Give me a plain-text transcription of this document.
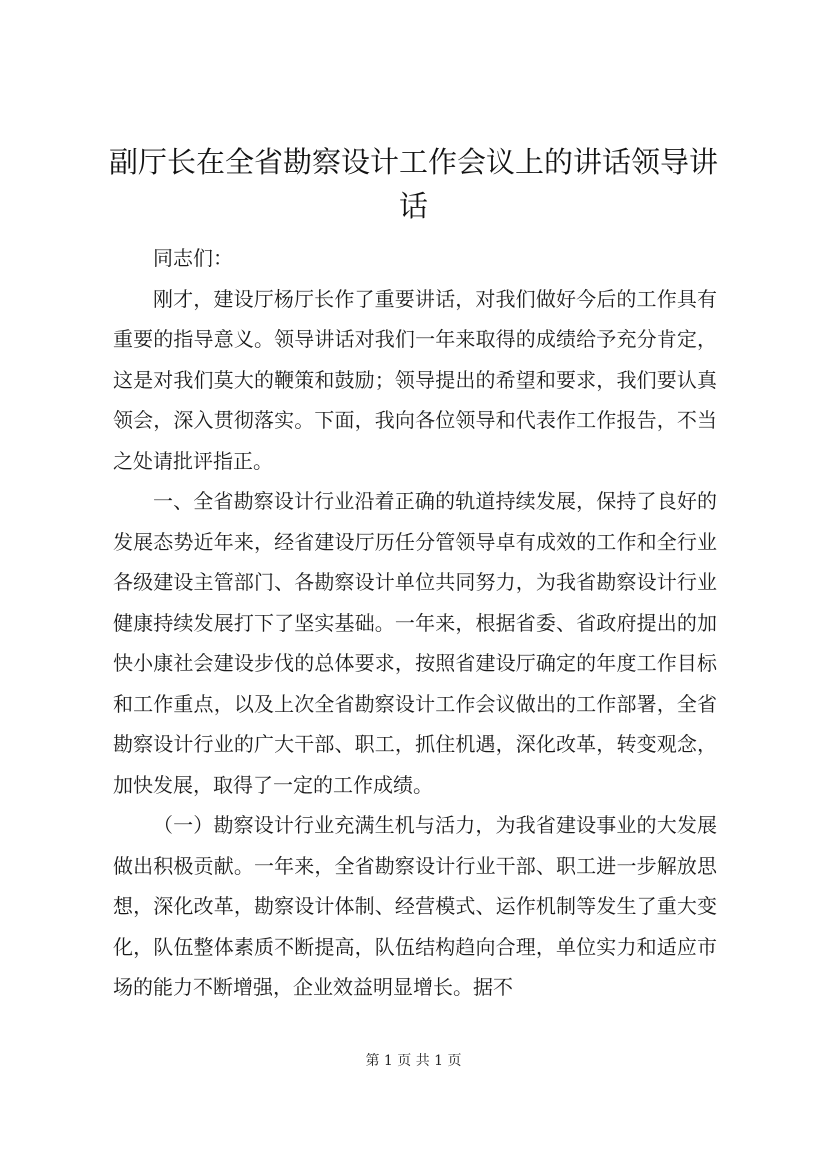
副厅长在全省勘察设计工作会议上的讲话领导讲话

同志们：

刚才，建设厅杨厅长作了重要讲话，对我们做好今后的工作具有重要的指导意义。领导讲话对我们一年来取得的成绩给予充分肯定，这是对我们莫大的鞭策和鼓励；领导提出的希望和要求，我们要认真领会，深入贯彻落实。下面，我向各位领导和代表作工作报告，不当之处请批评指正。

一、全省勘察设计行业沿着正确的轨道持续发展，保持了良好的发展态势近年来，经省建设厅历任分管领导卓有成效的工作和全行业各级建设主管部门、各勘察设计单位共同努力，为我省勘察设计行业健康持续发展打下了坚实基础。一年来，根据省委、省政府提出的加快小康社会建设步伐的总体要求，按照省建设厅确定的年度工作目标和工作重点，以及上次全省勘察设计工作会议做出的工作部署，全省勘察设计行业的广大干部、职工，抓住机遇，深化改革，转变观念，加快发展，取得了一定的工作成绩。

（一）勘察设计行业充满生机与活力，为我省建设事业的大发展做出积极贡献。一年来，全省勘察设计行业干部、职工进一步解放思想，深化改革，勘察设计体制、经营模式、运作机制等发生了重大变化，队伍整体素质不断提高，队伍结构趋向合理，单位实力和适应市场的能力不断增强，企业效益明显增长。据不

第 1 页 共 1 页
